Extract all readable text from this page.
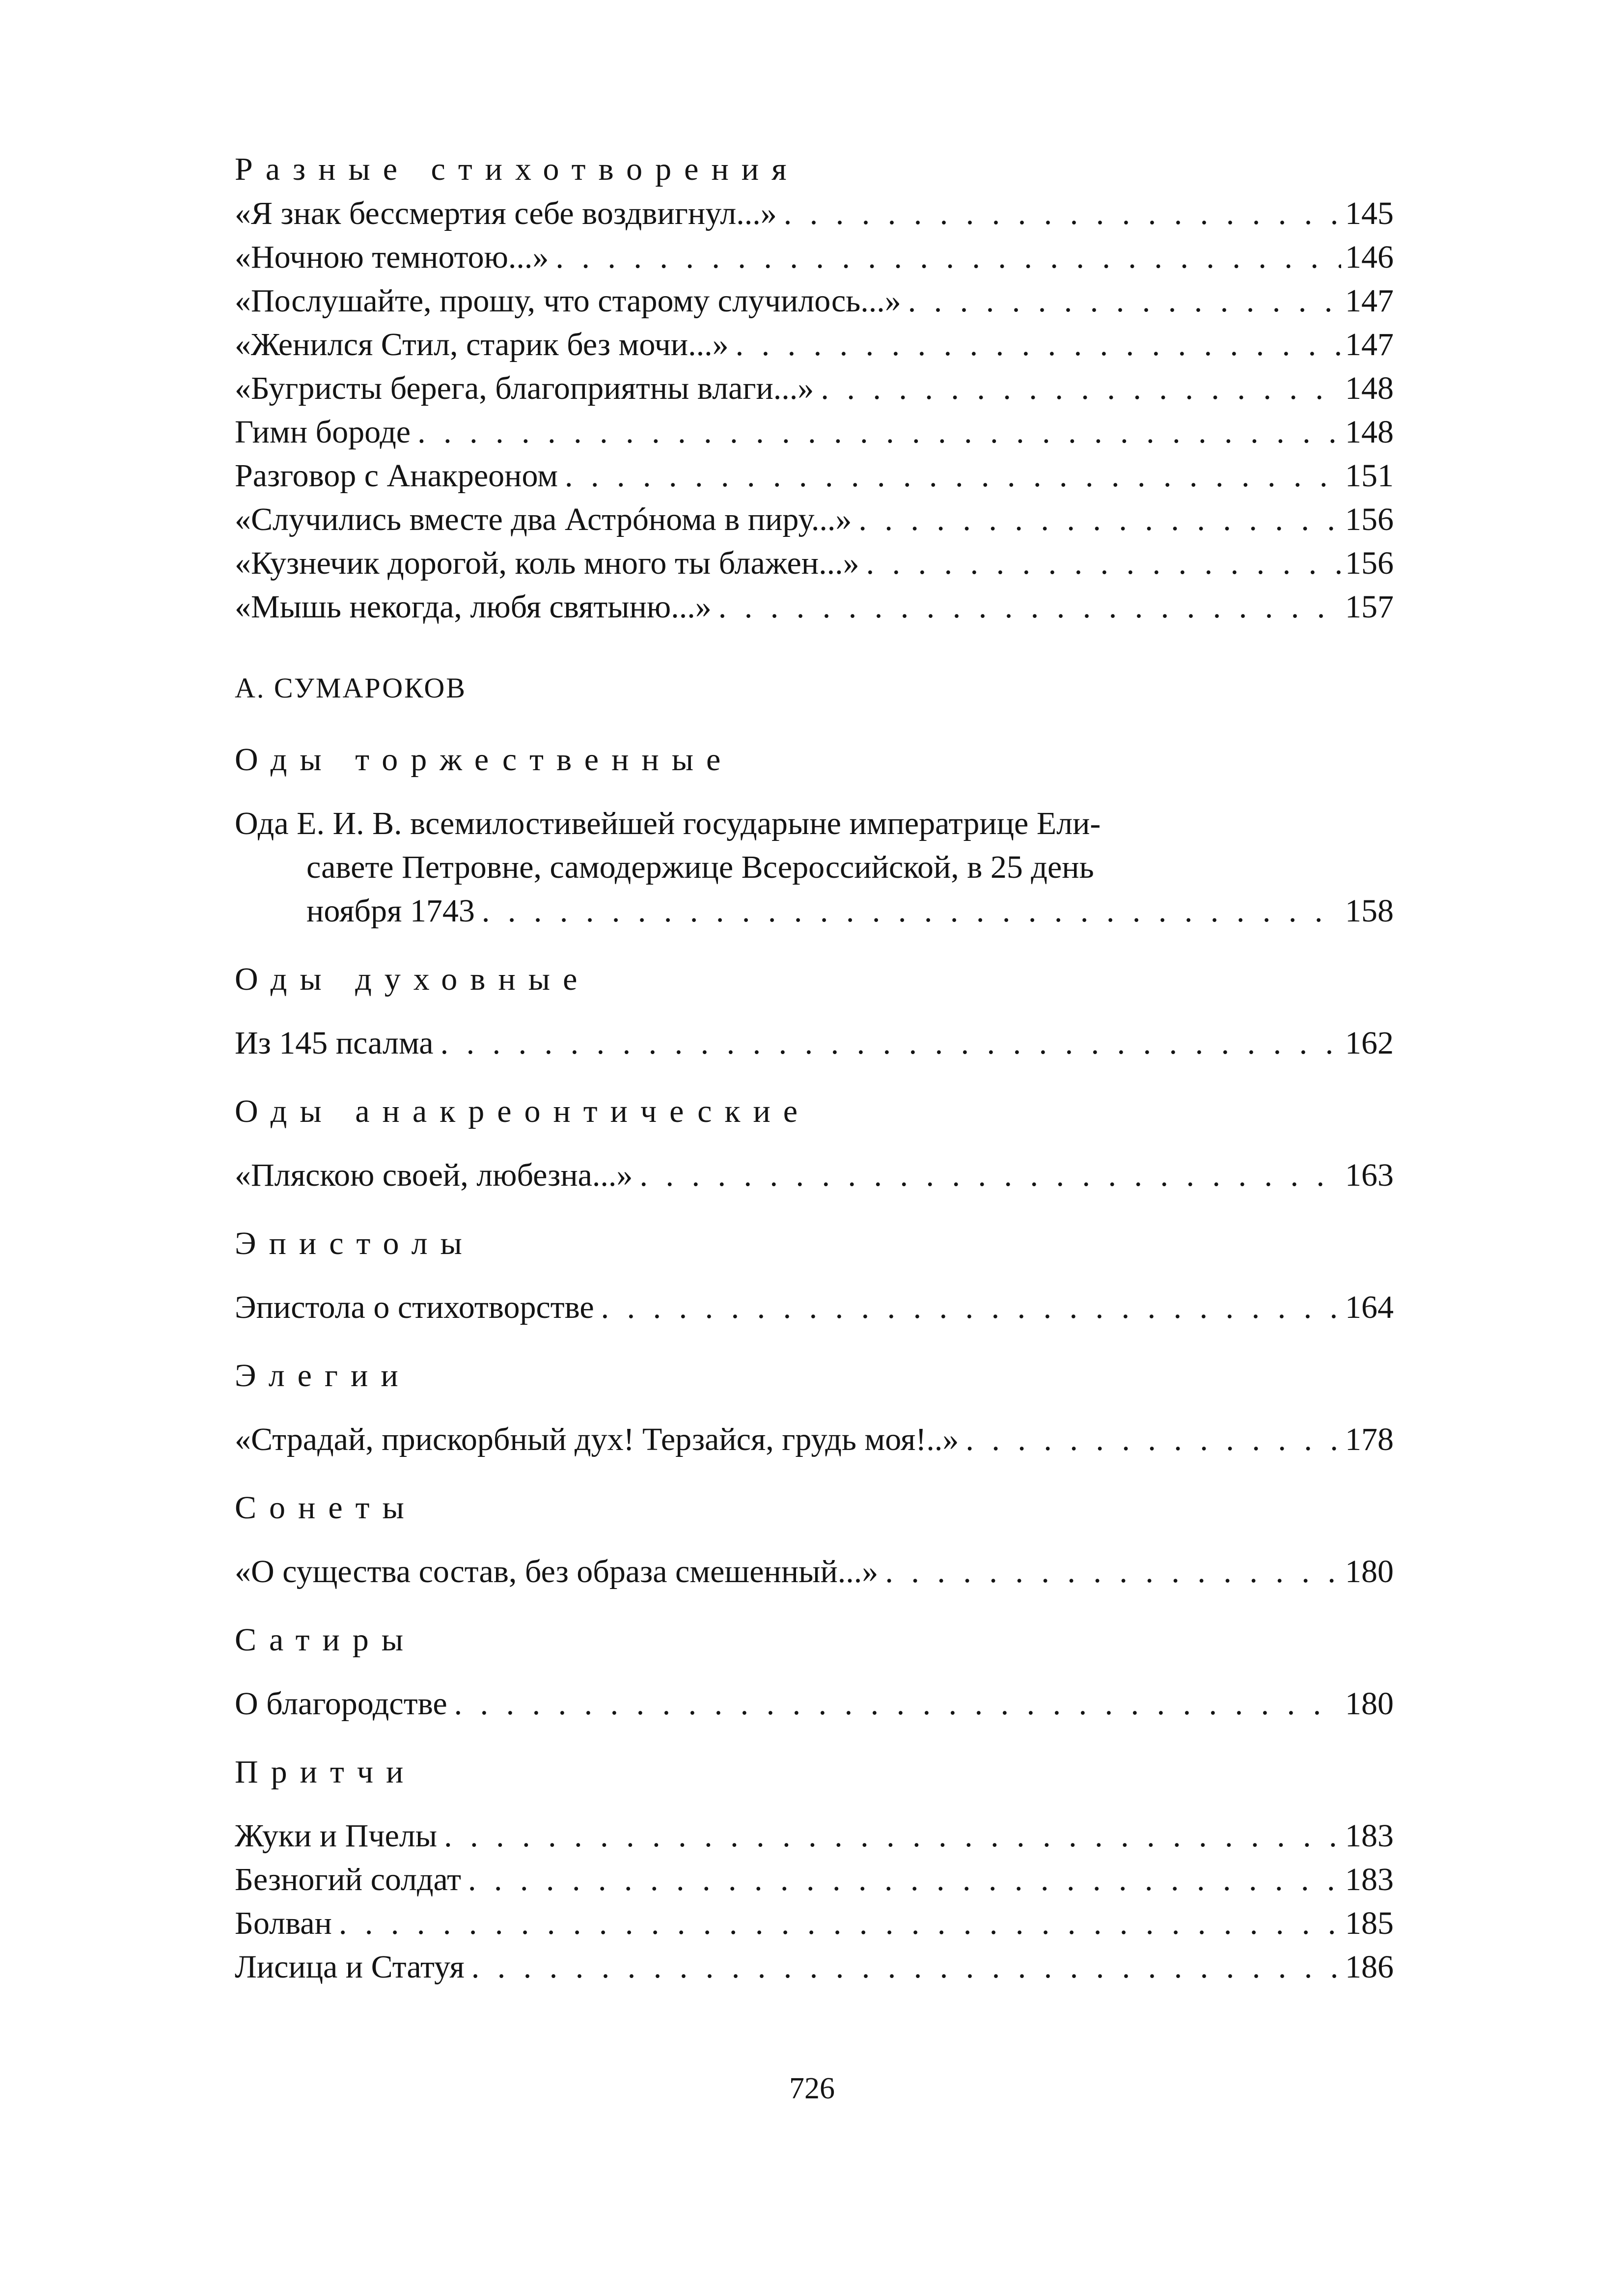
Разные стихотворения
«Я знак бессмертия себе воздвигнул...» . . .	145
«Ночною темнотою...» . . .	146
«Послушайте, прошу, что старому случилось...» . . .	147
«Женился Стил, старик без мочи...» . . .	147
«Бугристы берега, благоприятны влаги...» . . .	148
Гимн бороде . . .	148
Разговор с Анакреоном . . .	151
«Случились вместе два Астрóнома в пиру...» . . .	156
«Кузнечик дорогой, коль много ты блажен...» . . .	156
«Мышь некогда, любя святыню...» . . .	157
А. СУМАРОКОВ
Оды торжественные
Ода Е. И. В. всемилостивейшей государыне императрице Ели-
савете Петровне, самодержице Всероссийской, в 25 день
ноября 1743 . . .	158
Оды духовные
Из 145 псалма . . .	162
Оды анакреонтические
«Пляскою своей, любезна...» . . .	163
Эпистолы
Эпистола о стихотворстве . . .	164
Элегии
«Страдай, прискорбный дух! Терзайся, грудь моя!..» . . .	178
Сонеты
«О существа состав, без образа смешенный...» . . .	180
Сатиры
О благородстве . . .	180
Притчи
Жуки и Пчелы . . .	183
Безногий солдат . . .	183
Болван . . .	185
Лисица и Статуя . . .	186
726
